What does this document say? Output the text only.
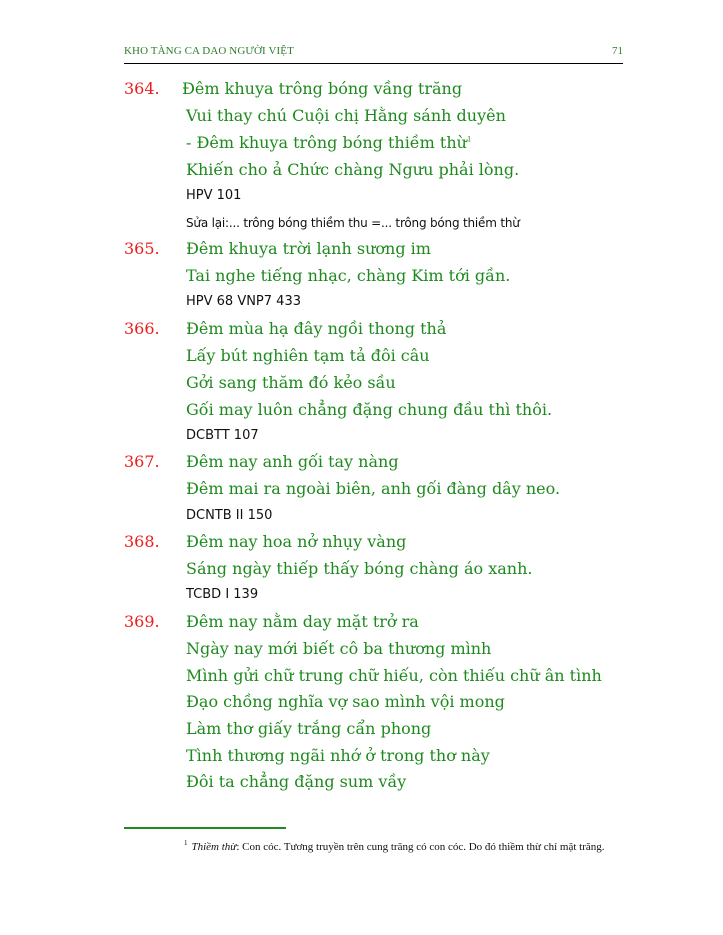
KHO TÀNG CA DAO NGƯỜI VIỆT	71
364. Đêm khuya trông bóng vầng trăng
Vui thay chú Cuội chị Hằng sánh duyên
- Đêm khuya trông bóng thiềm thừ$^1$
Khiến cho ả Chức chàng Ngưu phải lòng.
HPV 101
Sửa lại:... trông bóng thiềm thu =... trông bóng thiềm thừ
365. Đêm khuya trời lạnh sương im
Tai nghe tiếng nhạc, chàng Kim tới gần.
HPV 68 VNP7 433
366. Đêm mùa hạ đây ngồi thong thả
Lấy bút nghiên tạm tả đôi câu
Gởi sang thăm đó kẻo sầu
Gối may luôn chẳng đặng chung đầu thì thôi.
DCBTT 107
367. Đêm nay anh gối tay nàng
Đêm mai ra ngoài biên, anh gối đàng dây neo.
DCNTB II 150
368. Đêm nay hoa nở nhụy vàng
Sáng ngày thiếp thấy bóng chàng áo xanh.
TCBD I 139
369. Đêm nay nằm day mặt trở ra
Ngày nay mới biết cô ba thương mình
Mình gửi chữ trung chữ hiếu, còn thiếu chữ ân tình
Đạo chồng nghĩa vợ sao mình vội mong
Làm thơ giấy trắng cẩn phong
Tình thương ngãi nhớ ở trong thơ này
Đôi ta chẳng đặng sum vầy
$^1$ Thiềm thừ: Con cóc. Tương truyền trên cung trăng có con cóc. Do đó thiềm thừ chỉ mặt trăng.
